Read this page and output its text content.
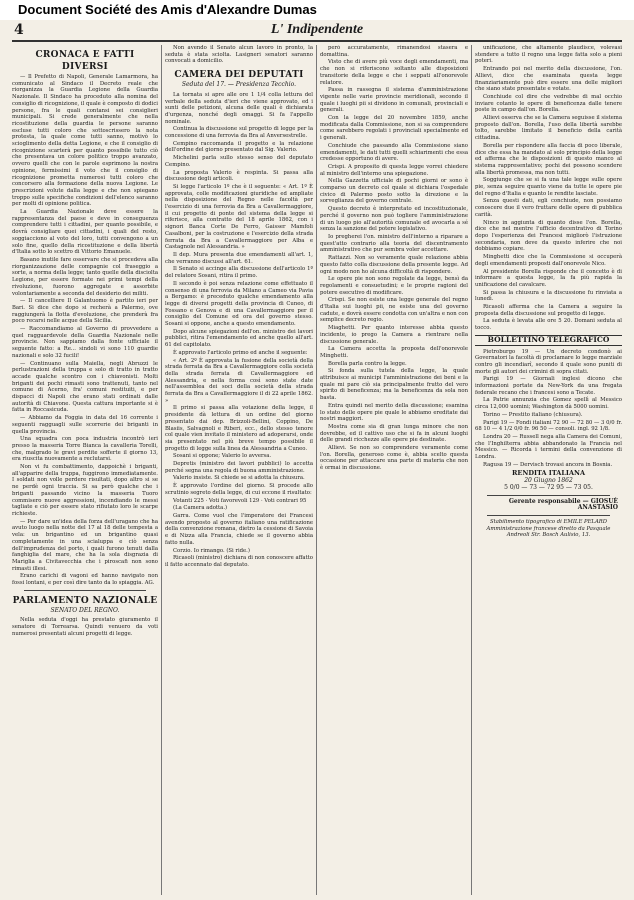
Document Société des Amis d'Alexandre Dumas
4	L' Indipendente
CRONACA E FATTI DIVERSI

— Il Prefetto di Napoli, Generale Lamarmora, ha comunicato al Sindaco il Decreto reale che riorganizza la Guardia Legione della Guardia Nazionale. Il Sindaco ha proceduto alla nomina del consiglio di ricognizione, il quale è composto di dodici persone, fra le quali contansi sei consiglieri municipali. Si crede generalmente che nella ricostituzione della guardia le persone saranno escluse tutti coloro che sottoscrissero la nota protesta, la quale come tutti sanno, motivò lo scioglimento della detta Legione, e che il consiglio di ricognizione scarterà per quanto possibile tutto ciò che presentava un colore politico troppo avanzato, ovvero quelli che con le parole esprimono la nostra opinione, fermissimi il voto che il consiglio di ricognizione prometta numerosi tutti coloro che concorsero alla formazione della nuova Legione. Le prescrizioni volute dalla legge e che non spiegano troppo sulle specifiche condizioni dell'elenco saranno per molti di opinione politica.

La Guardia Nazionale deve essere la rappresentanza del paese e deve in conseguenza comprendere tutti i cittadini, per quanto possibile, e dovrà consigliare quei cittadini, i quali del resto, soggiacciono al voto del loro, tutti convengono a un solo fine, quello della ricostituzione e della libertà d'Italia sotto lo scettro di Vittorio Emanuele.

Basano inutile fare osservare che si procedeva alla riorganizzazione delle compagnie col fraseggio a sorte, a norma della legge; tanto quelle della disciolta Legione, per essere formate nei primi tempi della rivoluzione, fuorono aggregate e assorbite volontariamente a seconda del desiderio dei militi.

— Il cancelliere Il Galantuomo è partito ieri per Bari. Si dice che dopo si recherà a Palermo, ove raggiungerà la flotta d'evoluzione, che prenderà fra poco recarsi nelle acque della Sicilia.

— Raccomandiamo al Governo di provvedere a quel ragguardevole della Guardia Nazionale nelle provincie. Non sappiamo dalla fonte ufficiale il seguente fatto: a Re... sindoli vi sono 110 guardie nazionali e solo 32 fucili!

— Continuano sulla Maiella, negli Abruzzi le perlustrazioni della truppa e solo di tratto in tratto accade qualche scontro con i chiavonisti. Molti briganti dei pochi rimasti sono trattenuti, tanto nel comune di Acerno, fra' comuni restituiti, e per dispacci di Napoli che erano stati ordinati dalle autorità di Chiavone. Questa cattura importante si è fatta in Roccasicuda.

— Abbiamo da Foggia in data del 16 corrente i seguenti ragguagli sulle scorrerie dei briganti in quella provincia.

Una squadra con poca industria incontrò ieri presso la masseria Torre Bianca la cavalleria Torelli, che, malgrado le gravi perdite sofferte il giorno 13, era riuscita nuovamente a reclutarsi.

Non vi fu combattimento, dappoichè i briganti, all'apparire della truppa, fuggirono immediatamente. I soldati non volle perdere risultati, dopo altro si se ne perdè ogni traccia. Si sa però qualche che i briganti passando vicino la masseria Tuoro commisero nuove aggressioni, incendiando le messi tagliate e ciò per essere stato rifiutato loro le scarpe richieste.

— Per dare un'idea della forza dell'uragano che ha avuto luogo nella notte del 17 al 18 delle tempesta a vela: un brigantino ed un brigantino quasi completamente in una scialuppa e ciò senza dell'imprudenza del porto, i quali furono tenuti dalla fanghiglia del mare, che ha la sola disgrazia di Mariglia a Civitavecchia che i piroscafi non sono rimasti illesi.

Erano carichi di vagoni ed hanno navigato non fossi lontani, e per così dire tanto da lo spiaggia. AG.

PARLAMENTO NAZIONALE
SENATO DEL REGNO.

Nella seduta d'oggi ha prestato giuramento il senatore di Torrearsa. Quindi venuero da voti numerosi presentati alcuni progetti di legge.

Non avendo il Senato alcun lavoro in pronto, la seduta è stata sciolta. Lasigneri senatori saranno convocati a domicilio.

CAMERA DEI DEPUTATI
Seduta del 17. — Presidenza Tecchio.

La tornata si apre alle ore 1 1/4 colla lettura del verbale della seduta d'ieri che viene approvato, ed i sunti delle petizioni, alcuna delle quali è dichiarata d'urgenza, nonché degli omaggi. Si fa l'appello nominale.

Continua la discussione sul progetto di legge per la concessione di una ferrovia da Bra al Anversestrelle.

Cempino raccomanda il progetto e la relazione dell'ordine del giorno presentato dal Sig. Valerio.

Michelini parla sullo stesso senso del deputato Cempino.

La proposta Valerio è respinta. Si passa alla discussione degli articoli.

Si legge l'articolo 1º che è il seguente: « Art. 1º È approvata, colle modificazioni giuridiche ed ampliate nella disposizione del Regno nelle facoltà per l'esercizio di una ferrovia da Bra a Cavallermaggiore, il cui progetto di ponte del sistema della legge si riferisce, alla contratto del 18 aprile 1862, con i signori Banca Corte De Ferro, Gaisser Mamfoli Casalboni, per la costruzione e l'esercizio della strada ferrata da Bra a Cavallermaggiore per Alba e Castagnole nel Alessandria. »

Il dep. Mura presenta due emendamenti all'art. 1, che verranno discussi all'art. 61.

Il Senato si accinge alla discussione dell'articolo 1º del relatore Sosani, ritira il primo.

Il secondo è poi senza relazione come effettuato il consenso di una ferrovia da Milano a Cameo via Pavia a Bergamo: è preceduto qualche emendamento alla legge di diversi progetti della provincia di Cuneo, di Fossano e Genova e di una Cavallermaggiore per il consiglio del Comune ed ora del governo stesso. Sosani si oppone, anche a questo emendamento.

Dopo alcune spiegazioni dell'on. ministro dei lavori pubblici, ritira l'emendamento ed anche quello all'art. 61 del capitolato.

È approvato l'articolo primo ed anche il seguente:

« Art. 2º È approvata la fusione della società della strada ferrata da Bra a Cavallermaggiore colla società della strada ferrata di Cavallermaggiore ed Alessandria, e nella forma così sono state date nell'assemblea dei soci della società della strada ferrata da Bra a Cavallermaggiore il di 22 aprile 1862. »

Il primo si passa alla votazione della legge, il presidente dà lettura di un ordine del giorno presentato dai dep. Brizzoli-Bellini, Coppino, De Blasiis, Salvagnoli e Riberi, ecc., dello stesso tenore col quale vien invitato il ministero ad adoperarsi, onde sia presentato nel più breve tempo possibile il progetto di legge sulla linea da Alessandria a Cuneo.

Sosani si oppone; Valerio lo avversa.

Depretis (ministro dei lavori pubblici) lo accetta perché segna una regola di buona amministrazione.

Valerio insiste. Si chiede se si adotta la chiusura.

È approvato l'ordine del giorno. Si procede allo scrutinio segreto della legge, di cui eccone il risultato:

Votanti 225 · Voti favorevoli 129 · Voti contrari 95

(La Camera adotta.)

Garra. Come vuol che l'imperatore dei Francesi avendo proposto al governo italiano una ratificazione della convenzione romana, dietro la cessione di Savoia e di Nizza alla Francia, chiede se il governo abbia fatto nulla.

Corzio. Io rimango. (Si ride.)

Ricasoli (ministro) dichiara di non conoscere affatto il fatto accennato dal deputato.

però accuratamente, rimanendosi stasera e domattina.

Visto che di avere più voce degli emendamenti, ma che non si riferiscono soltanto alle disposizioni transitorie della legge e che i seppati all'onorevole relatore.

Passa in rassegna il sistema d'amministrazione vigente nelle varie provincie meridionali, secondo il quale i luoghi pii si dividono in comunali, provinciali e generali.

Con la legge del 20 novembre 1859, anche modificata dalla Commissione, non si sa comprendere come sarebbero regolati i provinciali specialmente ed i generali.

Conchiude che passando alla Commissione siano emendamenti, le dati tutti quelli schiarimenti che essa credesse opportuno di avere.

Crispi. A proposito di questa legge vorrei chiedere al ministro dell'interno una spiegazione.

Nella Gazzetta ufficiale di pochi giorni or sono è comparso un decreto col quale si dichiara l'ospedale civico di Palermo posto sotto la direzione e la sorveglianza del governo centrale.

Questo decreto è interpretato ed incostituzionale, perché il governo non può togliere l'amministrazione di un luogo pio all'autorità comunale ed avocarla a sé senza la sanzione del potere legislativo.

Io pregherei l'on. ministro dell'interno a riparare a quest'atto contrario alla teoria del discentramento amministrativo che pur sembra voler accettare.

Rattazzi. Non so veramente quale relazione abbia questo fatto colla discussione della presente legge. Ad ogni modo non ho alcuna difficoltà di rispondere.

Le opere pie non sono regolate da legge, bensì da regolamenti e consuetudini; e le proprie ragioni del potere esecutivo di modificare.

Crispi. Se non esiste una legge generale del regno d'Italia sui luoghi pii, ne esiste una del governo cadute, e dovrà essere condotta con un'altra e non con semplice decreto regio.

Miaghetti. Per quanto interesse abbia questo incidente, io prego la Camera a rientrare nella discussione generale.

La Camera accetta la proposta dell'onorevole Minghetti.

Borella parla contro la legge.

Si fonda sulla tutela della legge, la quale attribuisce ai municipi l'amministrazione dei beni e la quale mi pare ciò sia principalmente frutto del vero spirito di beneficenza; ma la beneficenza da sola non basta.

Entra quindi nel merito della discussione; esamina lo stato delle opere pie quale le abbiamo ereditate dai nostri maggiori.

Mostra come sia di gran lunga minore che non dovrebbe, ed il cattivo uso che si fa in alcuni luoghi delle grandi ricchezze alle opere pie destinate.

Allievi. Se non so comprendere veramente come l'on. Borella, generoso come è, abbia scelto questa occasione per attaccare una parte di materia che non è ormai in discussione.

unificazione, che altamente plaudisce, volevasi stendere a tutto il regno una legge fatta solo a pieni poteri.

Entrando poi nel merito della discussione, l'on. Allievi, dice che esaminata questa legge finanziariamente può dire essere una delle migliori che siano state presentate e votate.

Conchiude col dire che vedrebbe di mal occhio inviare cotanto le opere di beneficenza dalle tenere poste in campo dall'on. Borella.

Allievi osserva che se la Camera seguisse il sistema proposto dall'on. Borella, l'uso della libertà sarebbe tolto, sarebbe limitato il beneficio della carità cittadina.

Borella per rispondere alla faccia di poco liberale, dice che essa ha mandato al solo principio della legge ed afferma che le disposizioni di questo manco al sistema rappresentativo; pochi dei possono scendere alla libertà promessa, ma non tutti.

Soggiunge che se si fa una tale legge sulle opere pie, senza seguire quanto viene da tutte le opere pie del regno d'Italia e quanto le rendite lasciate.

Senza questi dati, egli conchiude, non possiamo conoscere due il vero fruttare delle opere di pubblica carità.

Ninco in aggiunta di quanto disse l'on. Borella, dice che nel mentre l'ufficio decentrativo di Torino dopo l'esperienza dei Francesi migliorò l'istruzione secondaria, non deve da questo inferire che noi dobbiamo copiare.

Minghetti dice che la Commissione si occuperà degli emendamenti proposti dall'onorevole Nico.

Al presidente Borella risponde che il concetto è di informare a questa legge, la fa più rapida la unificazione del cavalcare.

Si passa la chiusura e la discussione fu rinviata a lunedì.

Ricasoli afferma che la Camera a seguire la proposta della discussione sul progetto di legge.

La seduta è levata alle ore 5 20. Domani seduta al tocco.

BOLLETTINO TELEGRAFICO

Pietroburgo 19 — Un decreto condonò ai Governatori la facoltà di proclamare lo legge marziale contro gli incendiarî, secondo il quale sono puniti di morte gli autori dei crimini di sopra citati.

Parigi 19 — Giornali inglesi dicono che informazioni portate da New-York da una fregata federale recano che i francesi sono a Tecate.

La Patrie annunzia che Gomez spellì al Messico circa 12,000 uomini; Washington dà 5000 uomini.

Torino — Prestito italiano (chiusura).

Parigi 19 — Fondi italiani 72 90 — 72 80 — 3 0/0 fr. 68 10 — 4 1/2 0/0 fr. 96 50 — consoli. ingl. 92 1/8.

Londra 20 — Russell nega alla Camera dei Comuni, che l'Inghilterra abbia abbandonato la Francia nel Messico. — Ricorda i termini della convenzione di Londra.

Ragusa 19 — Dervisch trovasi ancora in Bosnia.

RENDITA ITALIANA
20 Giugno 1862
5 0/0 — 73 — 72 95 — 73 05.
Gerente responsabile — GIOSUÈ ANASTASIO

Stabilimento tipografico di EMILE PELARD Amministrazione francese diretto da Pasquale Andreoli Str. Bosch Aulisio, 13.
